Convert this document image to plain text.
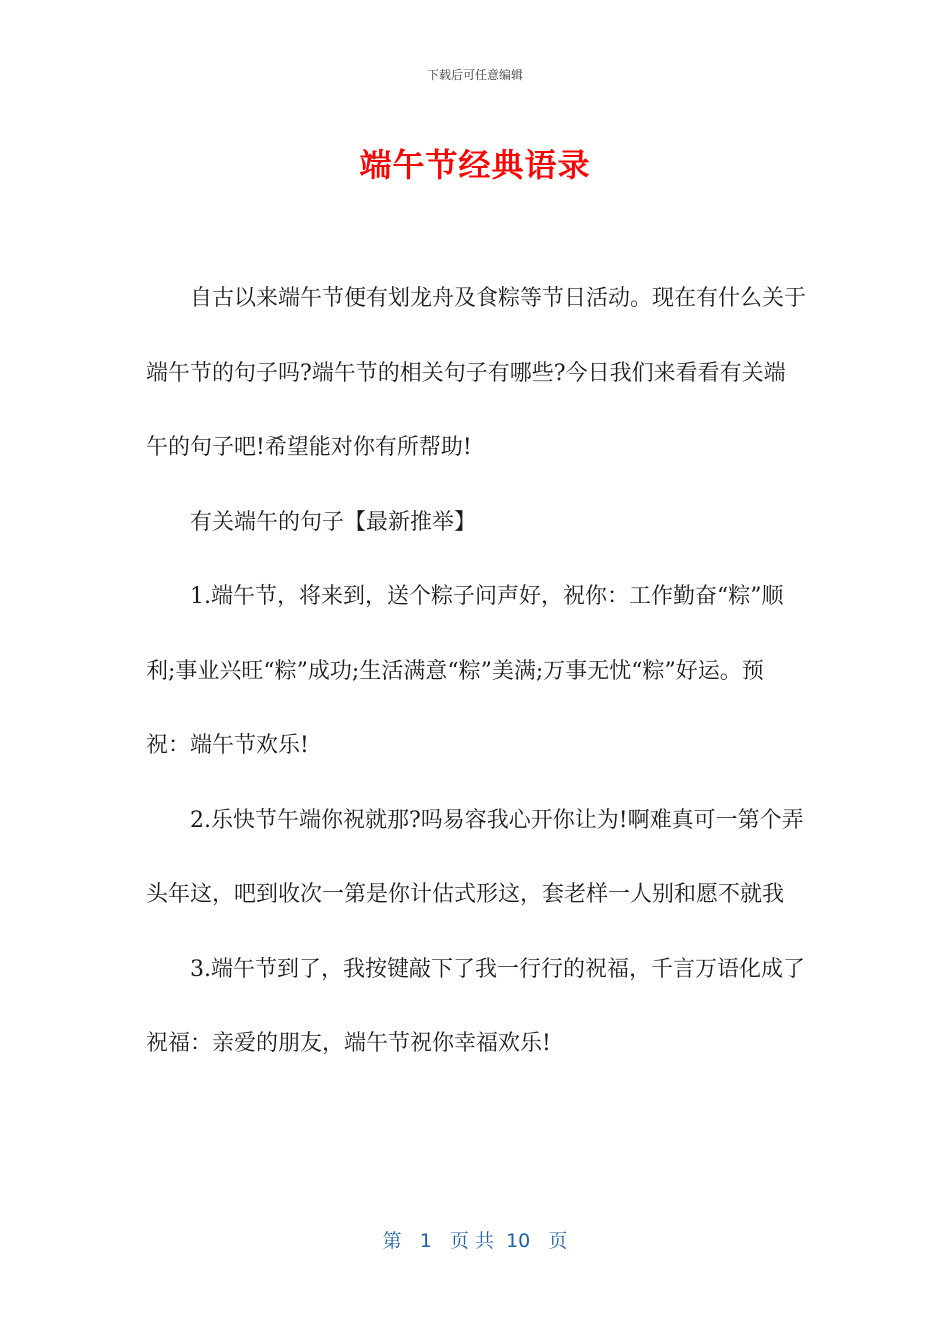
下载后可任意编辑
端午节经典语录

自古以来端午节便有划龙舟及食粽等节日活动。现在有什么关于端午节的句子吗?端午节的相关句子有哪些?今日我们来看看有关端午的句子吧!希望能对你有所帮助!

有关端午的句子【最新推举】

1.端午节，将来到，送个粽子问声好，祝你：工作勤奋“粽”顺利;事业兴旺“粽”成功;生活满意“粽”美满;万事无忧“粽”好运。预祝：端午节欢乐!

2.乐快节午端你祝就那?吗易容我心开你让为!啊难真可一第个弄头年这，吧到收次一第是你计估式形这，套老样一人别和愿不就我

3.端午节到了，我按键敲下了我一行行的祝福，千言万语化成了祝福：亲爱的朋友，端午节祝你幸福欢乐!

第 1 页 共 10 页
